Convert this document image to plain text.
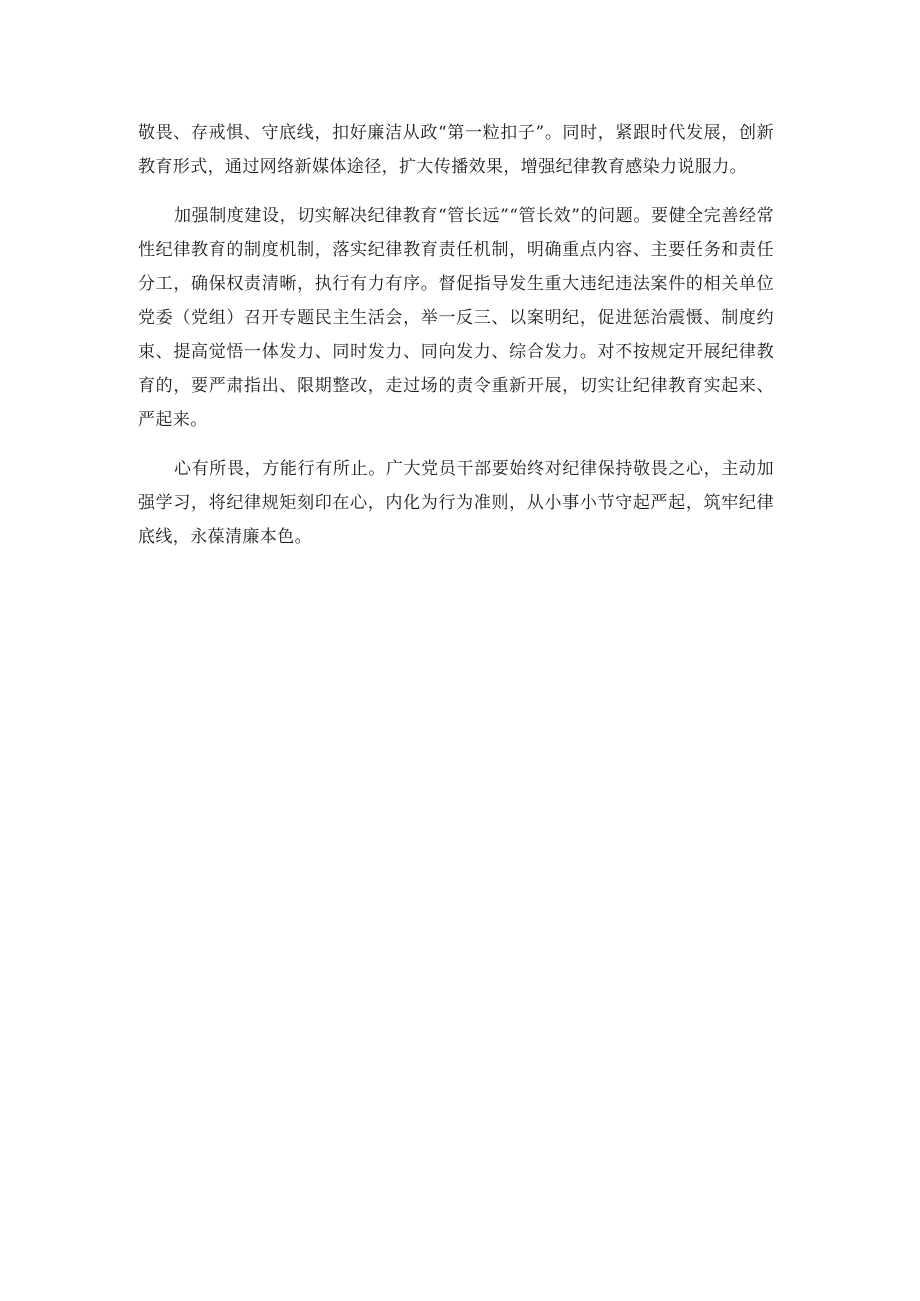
敬畏、存戒惧、守底线，扣好廉洁从政“第一粒扣子”。同时，紧跟时代发展，创新教育形式，通过网络新媒体途径，扩大传播效果，增强纪律教育感染力说服力。

加强制度建设，切实解决纪律教育“管长远”“管长效”的问题。要健全完善经常性纪律教育的制度机制，落实纪律教育责任机制，明确重点内容、主要任务和责任分工，确保权责清晰，执行有力有序。督促指导发生重大违纪违法案件的相关单位党委（党组）召开专题民主生活会，举一反三、以案明纪，促进惩治震慑、制度约束、提高觉悟一体发力、同时发力、同向发力、综合发力。对不按规定开展纪律教育的，要严肃指出、限期整改，走过场的责令重新开展，切实让纪律教育实起来、严起来。

心有所畏，方能行有所止。广大党员干部要始终对纪律保持敬畏之心，主动加强学习，将纪律规矩刻印在心，内化为行为准则，从小事小节守起严起，筑牢纪律底线，永葆清廉本色。
